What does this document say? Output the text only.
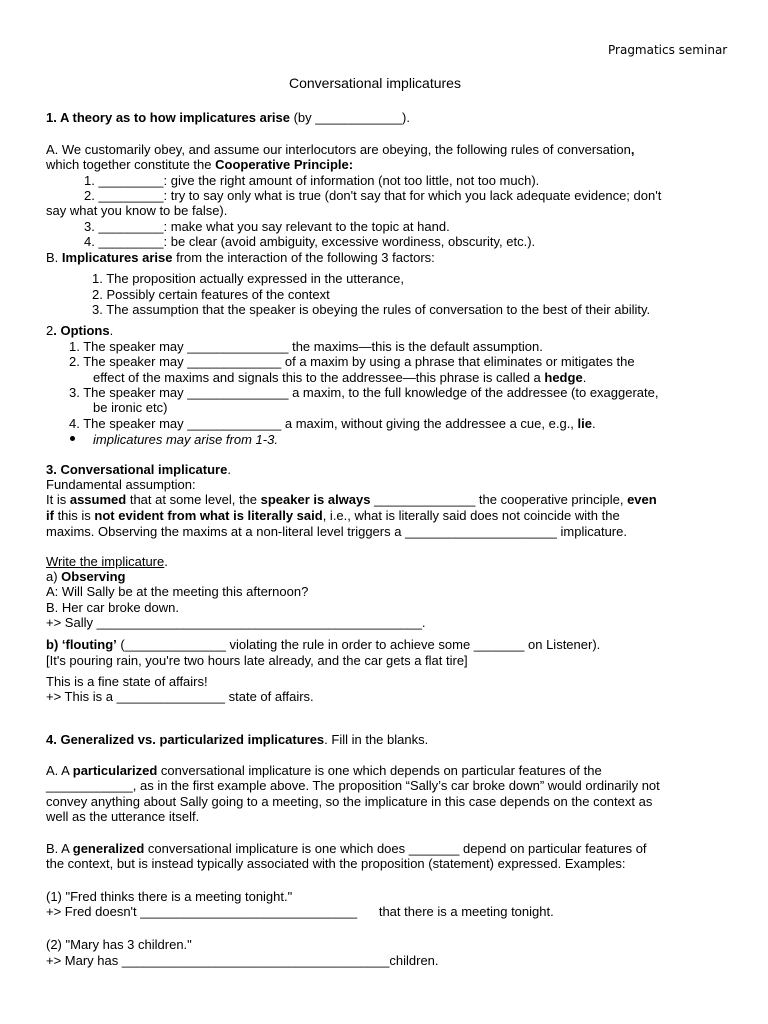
Pragmatics seminar
Conversational implicatures
1. A theory as to how implicatures arise (by ____________).
A. We customarily obey, and assume our interlocutors are obeying, the following rules of conversation,
which together constitute the Cooperative Principle:
1. _________: give the right amount of information (not too little, not too much).
2. _________: try to say only what is true (don't say that for which you lack adequate evidence; don't
say what you know to be false).
3. _________: make what you say relevant to the topic at hand.
4. _________: be clear (avoid ambiguity, excessive wordiness, obscurity, etc.).
B. Implicatures arise from the interaction of the following 3 factors:
1. The proposition actually expressed in the utterance,
2. Possibly certain features of the context
3. The assumption that the speaker is obeying the rules of conversation to the best of their ability.
2. Options.
1. The speaker may ______________ the maxims—this is the default assumption.
2. The speaker may _____________ of a maxim by using a phrase that eliminates or mitigates the
effect of the maxims and signals this to the addressee—this phrase is called a hedge.
3. The speaker may ______________ a maxim, to the full knowledge of the addressee (to exaggerate,
be ironic etc)
4. The speaker may _____________ a maxim, without giving the addressee a cue, e.g., lie.
implicatures may arise from 1-3.
3. Conversational implicature.
Fundamental assumption:
It is assumed that at some level, the speaker is always ______________ the cooperative principle, even
if this is not evident from what is literally said, i.e., what is literally said does not coincide with the
maxims. Observing the maxims at a non-literal level triggers a _____________________ implicature.
Write the implicature.
a) Observing
A: Will Sally be at the meeting this afternoon?
B. Her car broke down.
+> Sally _____________________________________________.
b) ‘flouting’ (______________ violating the rule in order to achieve some _______ on Listener).
[It's pouring rain, you're two hours late already, and the car gets a flat tire]
This is a fine state of affairs!
+> This is a _______________ state of affairs.
4. Generalized vs. particularized implicatures. Fill in the blanks.
A. A particularized conversational implicature is one which depends on particular features of the
____________, as in the first example above. The proposition “Sally’s car broke down” would ordinarily not
convey anything about Sally going to a meeting, so the implicature in this case depends on the context as
well as the utterance itself.
B. A generalized conversational implicature is one which does _______ depend on particular features of
the context, but is instead typically associated with the proposition (statement) expressed. Examples:
(1) "Fred thinks there is a meeting tonight."
+> Fred doesn't ______________________________      that there is a meeting tonight.
(2) "Mary has 3 children."
+> Mary has _____________________________________children.
